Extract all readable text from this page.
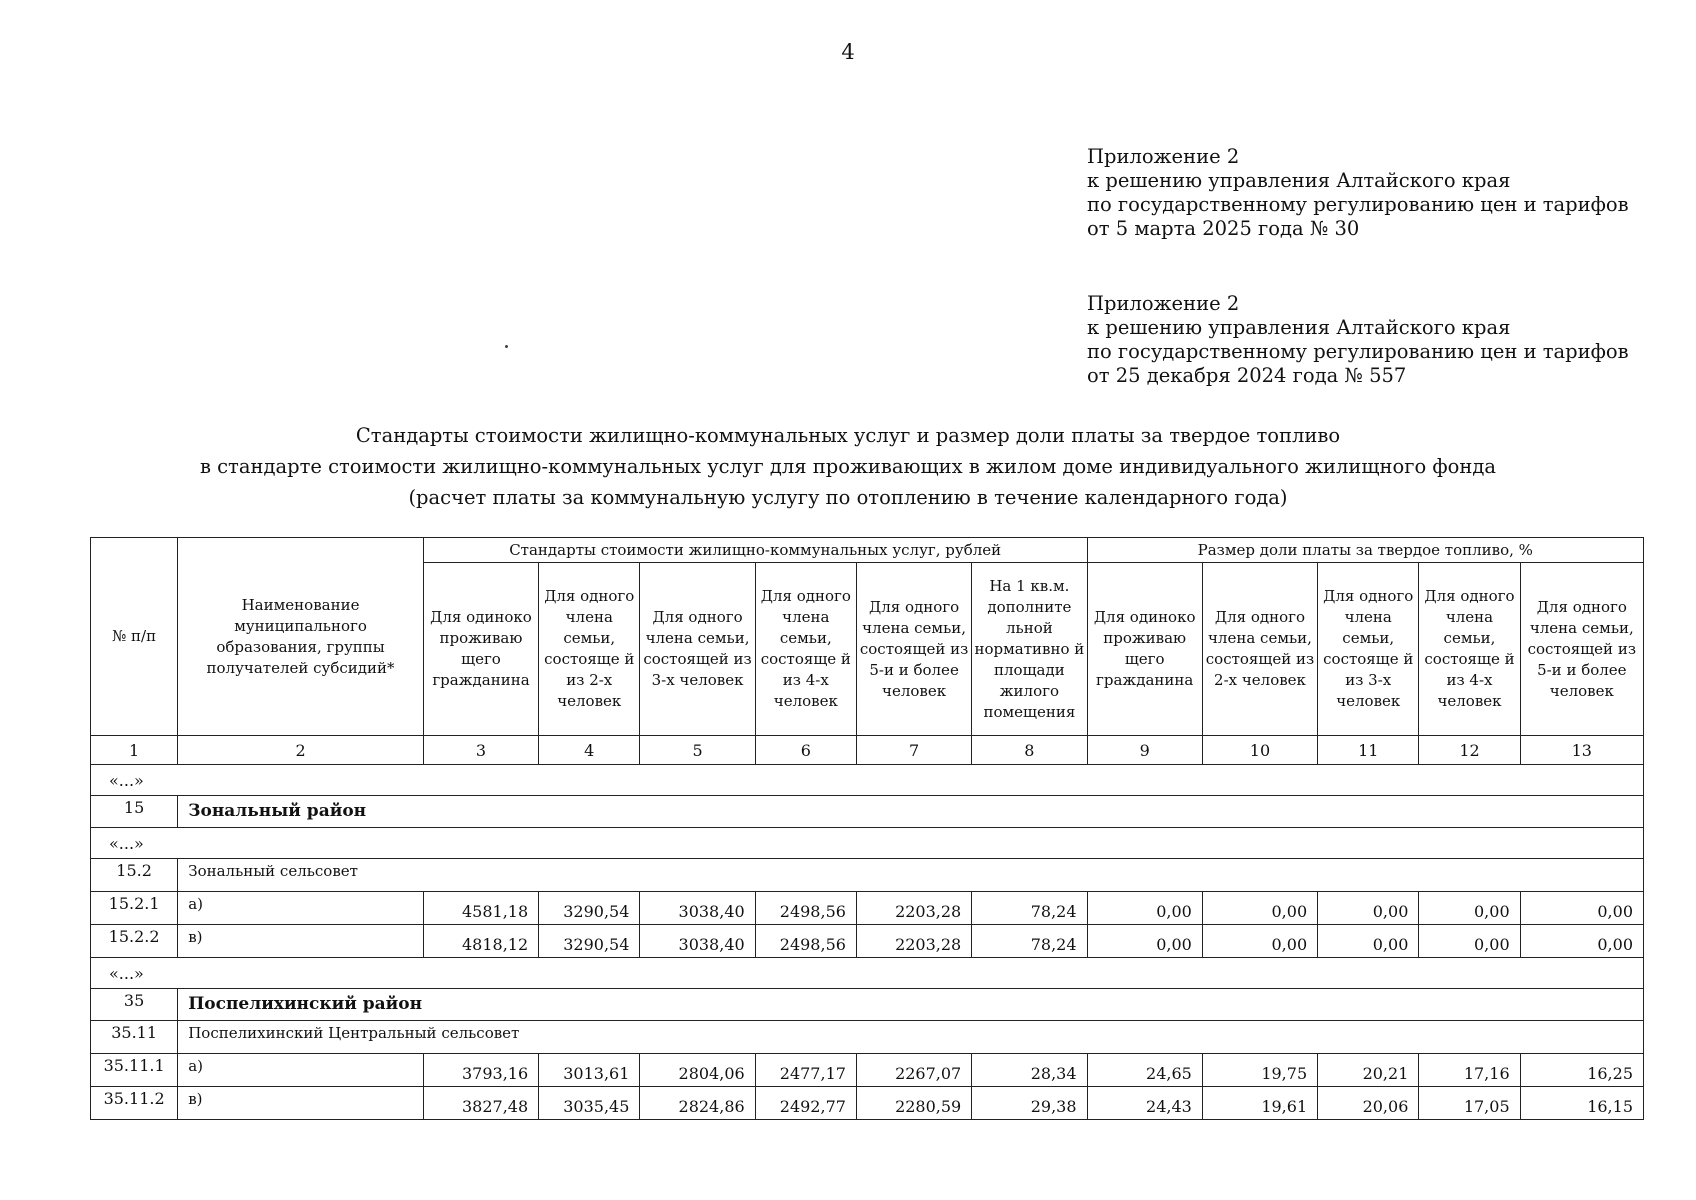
4
Приложение 2
к решению управления Алтайского края
по государственному регулированию цен и тарифов
от 5 марта 2025 года № 30
Приложение 2
к решению управления Алтайского края
по государственному регулированию цен и тарифов
от 25 декабря 2024 года № 557
Стандарты стоимости жилищно-коммунальных услуг и размер доли платы за твердое топливо
в стандарте стоимости жилищно-коммунальных услуг для проживающих в жилом доме индивидуального жилищного фонда
(расчет платы за коммунальную услугу по отоплению в течение календарного года)
№ п/п	Наименование муниципального образования, группы получателей субсидий*	Стандарты стоимости жилищно-коммунальных услуг, рублей						Размер доли платы за твердое топливо, %				
		Для одиноко проживаю щего гражданина	Для одного члена семьи, состояще й из 2-х человек	Для одного члена семьи, состоящей из 3-х человек	Для одного члена семьи, состояще й из 4-х человек	Для одного члена семьи, состоящей из 5-и и более человек	На 1 кв.м. дополните льной нормативно й площади жилого помещения	Для одиноко проживаю щего гражданина	Для одного члена семьи, состоящей из 2-х человек	Для одного члена семьи, состояще й из 3-х человек	Для одного члена семьи, состояще й из 4-х человек	Для одного члена семьи, состоящей из 5-и и более человек
1	2	3	4	5	6	7	8	9	10	11	12	13
«...»												
15	Зональный район											
«...»												
15.2	Зональный сельсовет											
15.2.1	а)	4581,18	3290,54	3038,40	2498,56	2203,28	78,24	0,00	0,00	0,00	0,00	0,00
15.2.2	в)	4818,12	3290,54	3038,40	2498,56	2203,28	78,24	0,00	0,00	0,00	0,00	0,00
«...»												
35	Поспелихинский район											
35.11	Поспелихинский Центральный сельсовет											
35.11.1	а)	3793,16	3013,61	2804,06	2477,17	2267,07	28,34	24,65	19,75	20,21	17,16	16,25
35.11.2	в)	3827,48	3035,45	2824,86	2492,77	2280,59	29,38	24,43	19,61	20,06	17,05	16,15
